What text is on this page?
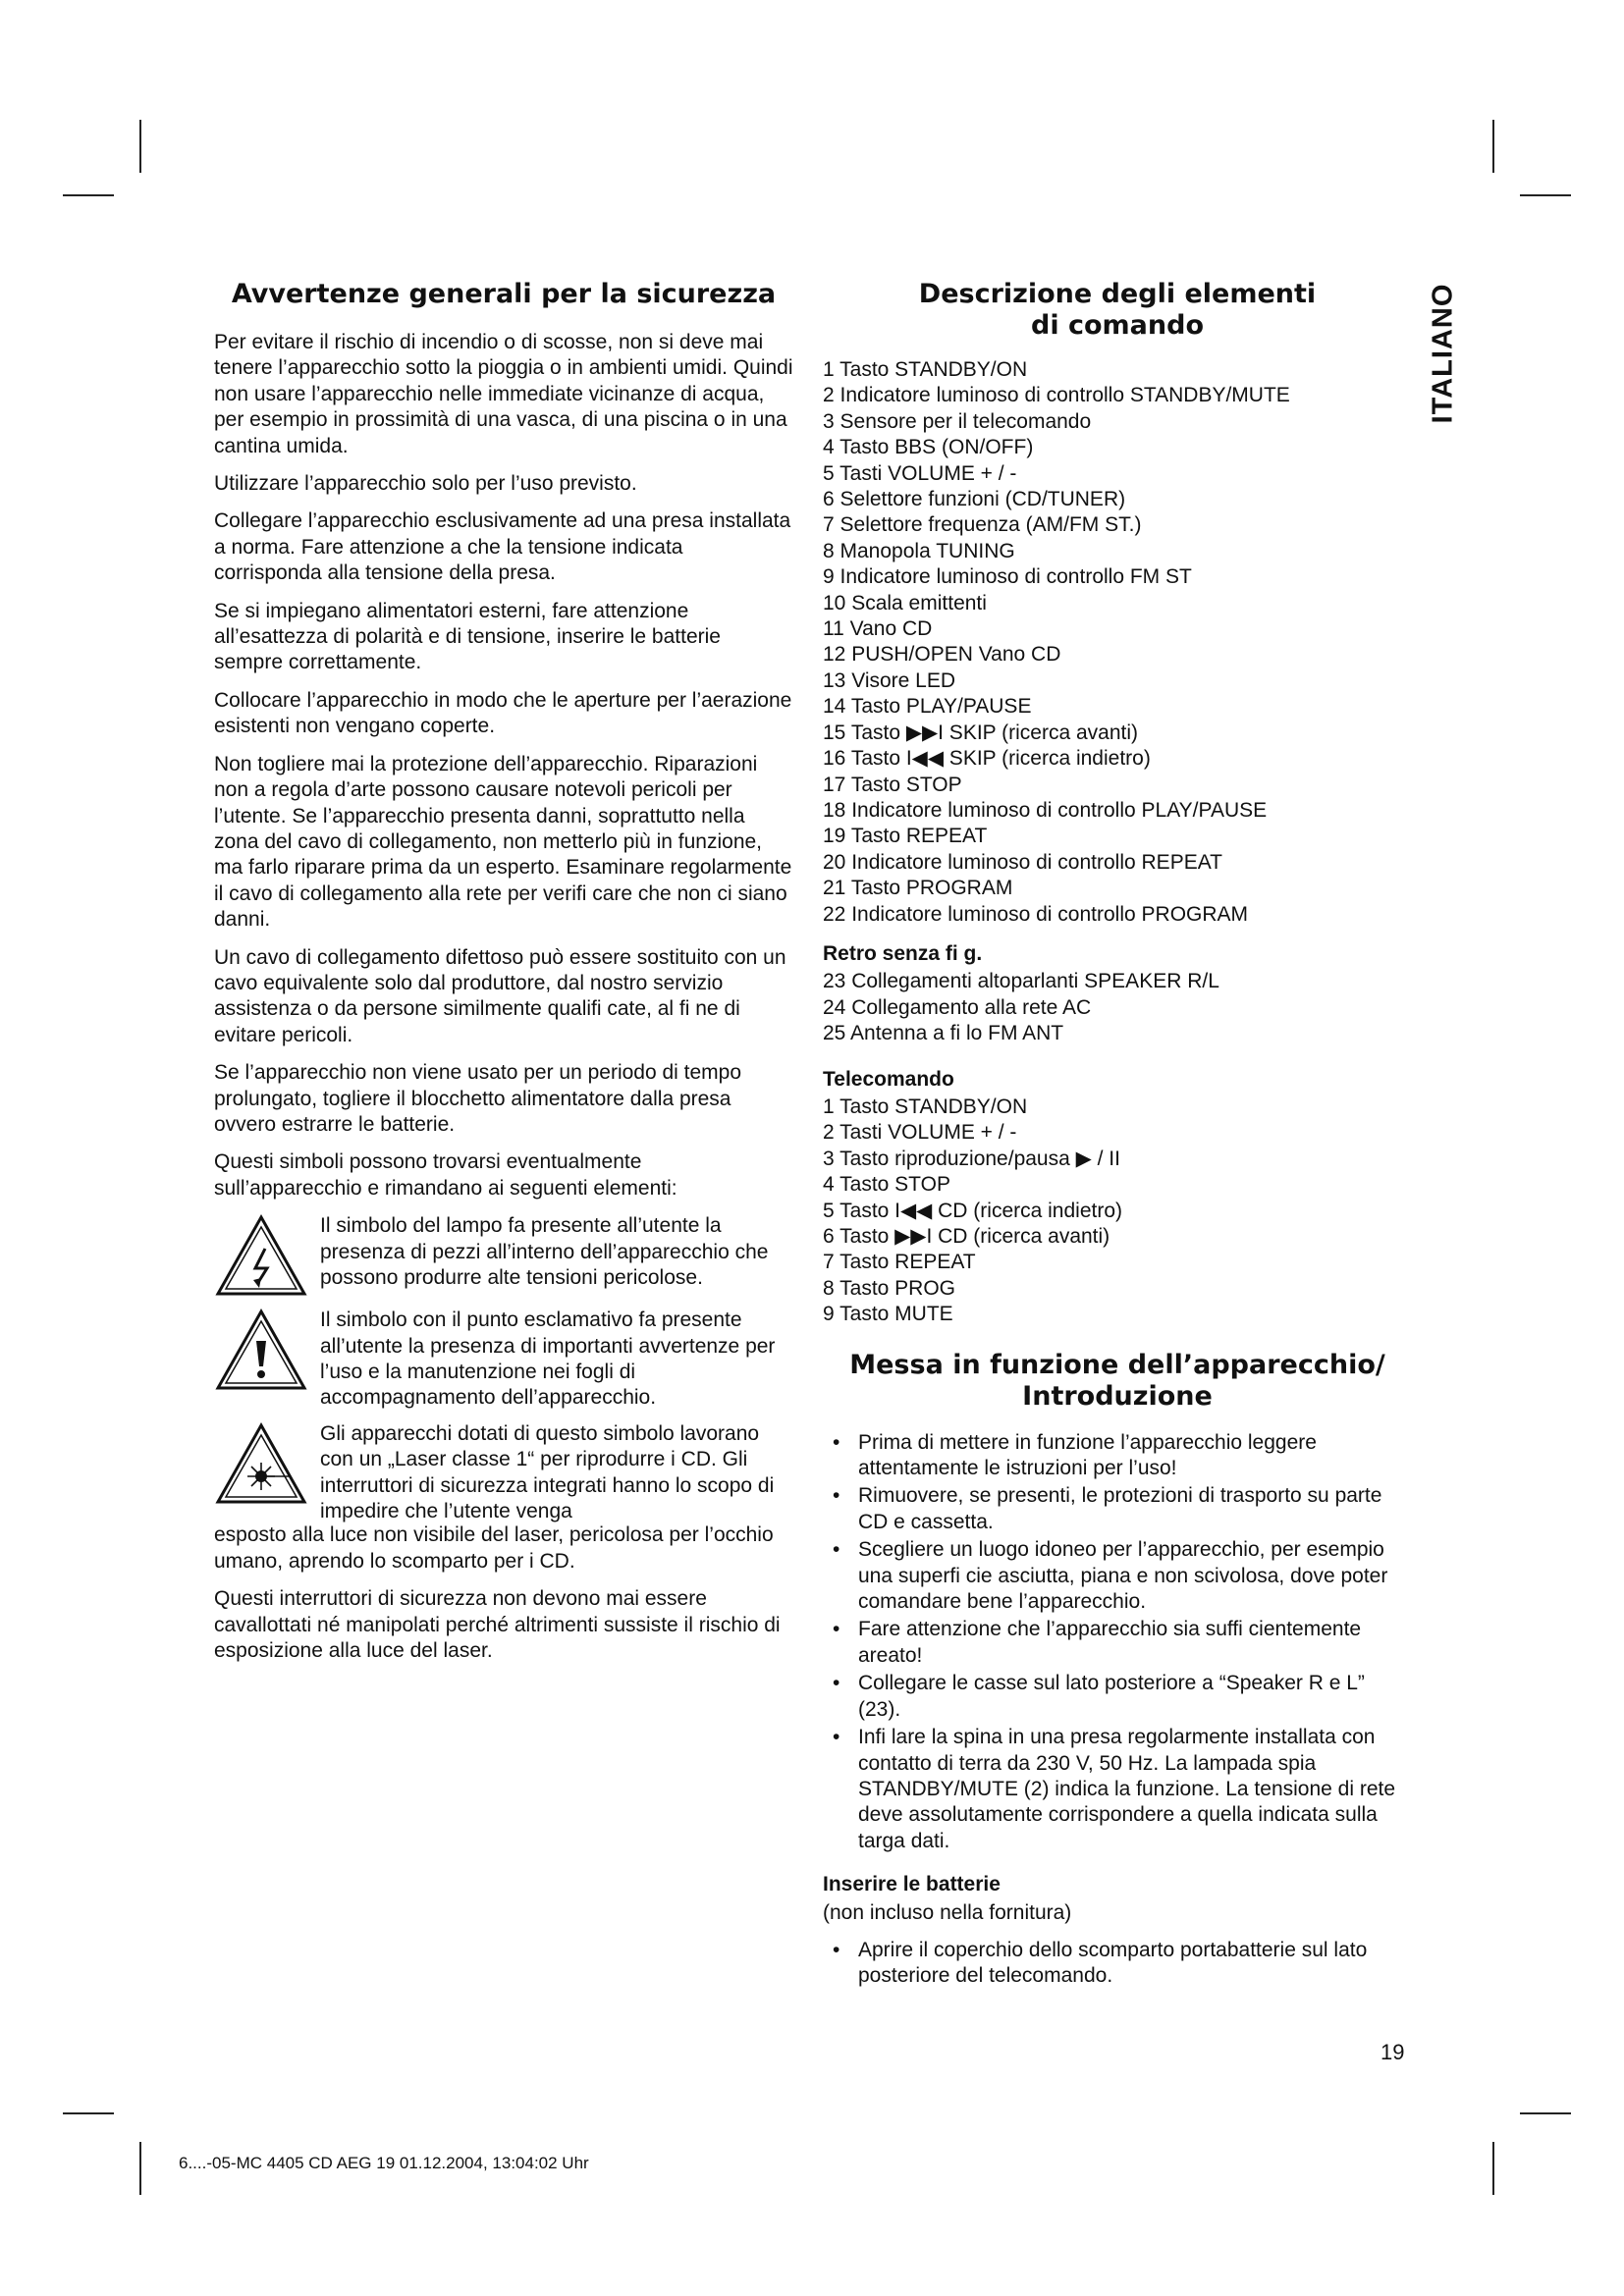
ITALIANO
Avvertenze generali per la sicurezza

Per evitare il rischio di incendio o di scosse, non si deve mai tenere l’apparecchio sotto la pioggia o in ambienti umidi. Quindi non usare l’apparecchio nelle immediate vicinanze di acqua, per esempio in prossimità di una vasca, di una piscina o in una cantina umida.

Utilizzare l’apparecchio solo per l’uso previsto.

Collegare l’apparecchio esclusivamente ad una presa installata a norma. Fare attenzione a che la tensione indicata corrisponda alla tensione della presa.

Se si impiegano alimentatori esterni, fare attenzione all’esattezza di polarità e di tensione, inserire le batterie sempre correttamente.

Collocare l’apparecchio in modo che le aperture per l’aerazione esistenti non vengano coperte.

Non togliere mai la protezione dell’apparecchio. Riparazioni non a regola d’arte possono causare notevoli pericoli per l’utente. Se l’apparecchio presenta danni, soprattutto nella zona del cavo di collegamento, non metterlo più in funzione, ma farlo riparare prima da un esperto. Esaminare regolarmente il cavo di collegamento alla rete per verifi care che non ci siano danni.

Un cavo di collegamento difettoso può essere sostituito con un cavo equivalente solo dal produttore, dal nostro servizio assistenza o da persone similmente qualifi cate, al fi ne di evitare pericoli.

Se l’apparecchio non viene usato per un periodo di tempo prolungato, togliere il blocchetto alimentatore dalla presa ovvero estrarre le batterie.

Questi simboli possono trovarsi eventualmente sull’apparecchio e rimandano ai seguenti elementi:

Il simbolo del lampo fa presente all’utente la presenza di pezzi all’interno dell’apparecchio che possono produrre alte tensioni pericolose.

Il simbolo con il punto esclamativo fa presente all’utente la presenza di importanti avvertenze per l’uso e la manutenzione nei fogli di accompagnamento dell’apparecchio.

Gli apparecchi dotati di questo simbolo lavorano con un „Laser classe 1“ per riprodurre i CD. Gli interruttori di sicurezza integrati hanno lo scopo di impedire che l’utente venga

esposto alla luce non visibile del laser, pericolosa per l’occhio umano, aprendo lo scomparto per i CD.

Questi interruttori di sicurezza non devono mai essere cavallottati né manipolati perché altrimenti sussiste il rischio di esposizione alla luce del laser.

Descrizione degli elementi
di comando
1 Tasto STANDBY/ON
2 Indicatore luminoso di controllo STANDBY/MUTE
3 Sensore per il telecomando
4 Tasto BBS (ON/OFF)
5 Tasti VOLUME + / -
6 Selettore funzioni (CD/TUNER)
7 Selettore frequenza (AM/FM ST.)
8 Manopola TUNING
9 Indicatore luminoso di controllo FM ST
10 Scala emittenti
11 Vano CD
12 PUSH/OPEN Vano CD
13 Visore LED
14 Tasto PLAY/PAUSE
15 Tasto ▶▶I SKIP (ricerca avanti)
16 Tasto I◀◀ SKIP (ricerca indietro)
17 Tasto STOP
18 Indicatore luminoso di controllo PLAY/PAUSE
19 Tasto REPEAT
20 Indicatore luminoso di controllo REPEAT
21 Tasto PROGRAM
22 Indicatore luminoso di controllo PROGRAM
Retro senza fi g.
23 Collegamenti altoparlanti SPEAKER R/L
24 Collegamento alla rete AC
25 Antenna a fi lo FM ANT
Telecomando
1 Tasto STANDBY/ON
2 Tasti VOLUME + / -
3 Tasto riproduzione/pausa ▶ / II
4 Tasto STOP
5 Tasto I◀◀ CD (ricerca indietro)
6 Tasto ▶▶I CD (ricerca avanti)
7 Tasto REPEAT
8 Tasto PROG
9 Tasto MUTE
Messa in funzione dell’apparecchio/
Introduzione
• Prima di mettere in funzione l’apparecchio leggere attentamente le istruzioni per l’uso!
• Rimuovere, se presenti, le protezioni di trasporto su parte CD e cassetta.
• Scegliere un luogo idoneo per l’apparecchio, per esempio una superfi cie asciutta, piana e non scivolosa, dove poter comandare bene l’apparecchio.
• Fare attenzione che l’apparecchio sia suffi cientemente areato!
• Collegare le casse sul lato posteriore a “Speaker R e L” (23).
• Infi lare la spina in una presa regolarmente installata con contatto di terra da 230 V, 50 Hz. La lampada spia STANDBY/MUTE (2) indica la funzione. La tensione di rete deve assolutamente corrispondere a quella indicata sulla targa dati.
Inserire le batterie
(non incluso nella fornitura)
• Aprire il coperchio dello scomparto portabatterie sul lato posteriore del telecomando.
19
6....-05-MC 4405 CD AEG 19 01.12.2004, 13:04:02 Uhr
